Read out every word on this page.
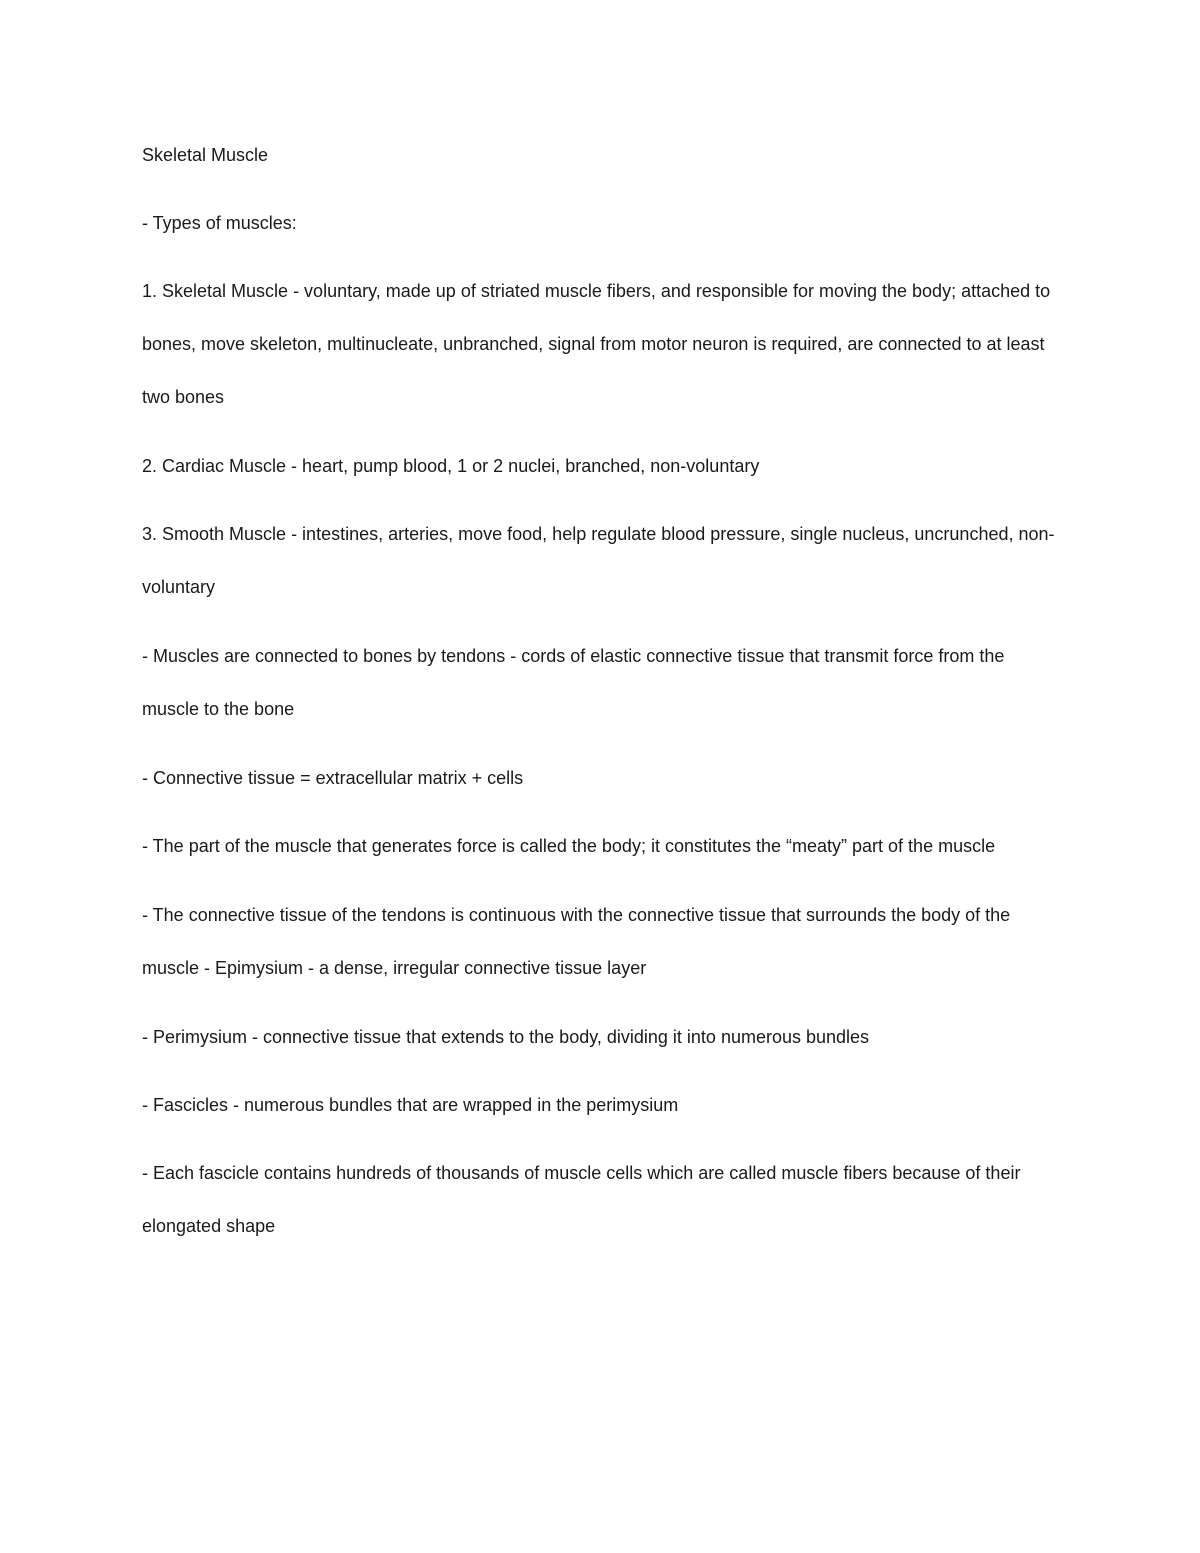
Skeletal Muscle

- Types of muscles:

1. Skeletal Muscle - voluntary, made up of striated muscle fibers, and responsible for moving the body; attached to bones, move skeleton, multinucleate, unbranched, signal from motor neuron is required, are connected to at least two bones

2. Cardiac Muscle - heart, pump blood, 1 or 2 nuclei, branched, non-voluntary

3. Smooth Muscle - intestines, arteries, move food, help regulate blood pressure, single nucleus, uncrunched, non-voluntary

- Muscles are connected to bones by tendons - cords of elastic connective tissue that transmit force from the muscle to the bone

- Connective tissue = extracellular matrix + cells

- The part of the muscle that generates force is called the body; it constitutes the “meaty” part of the muscle

- The connective tissue of the tendons is continuous with the connective tissue that surrounds the body of the muscle - Epimysium - a dense, irregular connective tissue layer

- Perimysium - connective tissue that extends to the body, dividing it into numerous bundles

- Fascicles - numerous bundles that are wrapped in the perimysium

- Each fascicle contains hundreds of thousands of muscle cells which are called muscle fibers because of their elongated shape
